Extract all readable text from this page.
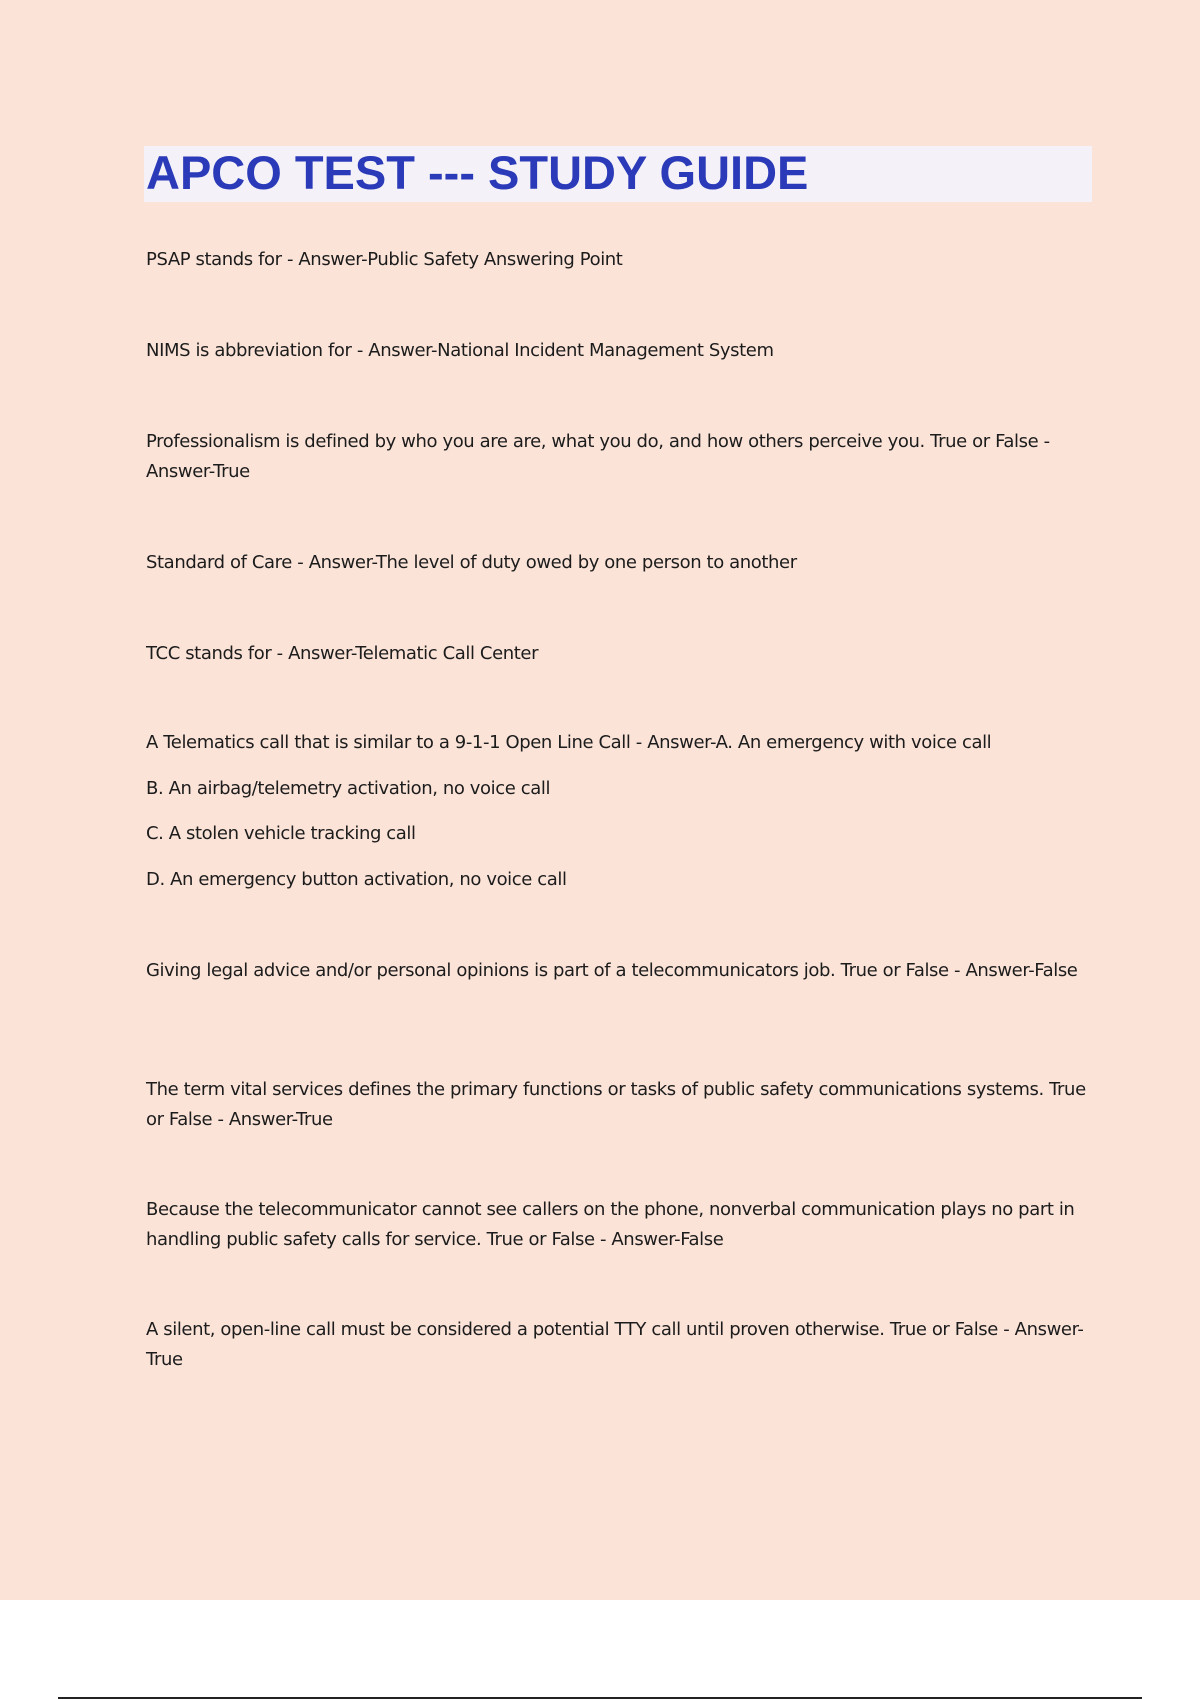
APCO TEST --- STUDY GUIDE

PSAP stands for - Answer-Public Safety Answering Point

NIMS is abbreviation for - Answer-National Incident Management System

Professionalism is defined by who you are are, what you do, and how others perceive you. True or False - Answer-True

Standard of Care - Answer-The level of duty owed by one person to another

TCC stands for - Answer-Telematic Call Center

A Telematics call that is similar to a 9-1-1 Open Line Call - Answer-A. An emergency with voice call

B. An airbag/telemetry activation, no voice call

C. A stolen vehicle tracking call

D. An emergency button activation, no voice call

Giving legal advice and/or personal opinions is part of a telecommunicators job. True or False - Answer-False

The term vital services defines the primary functions or tasks of public safety communications systems. True or False - Answer-True

Because the telecommunicator cannot see callers on the phone, nonverbal communication plays no part in handling public safety calls for service. True or False - Answer-False

A silent, open-line call must be considered a potential TTY call until proven otherwise. True or False - Answer-True
